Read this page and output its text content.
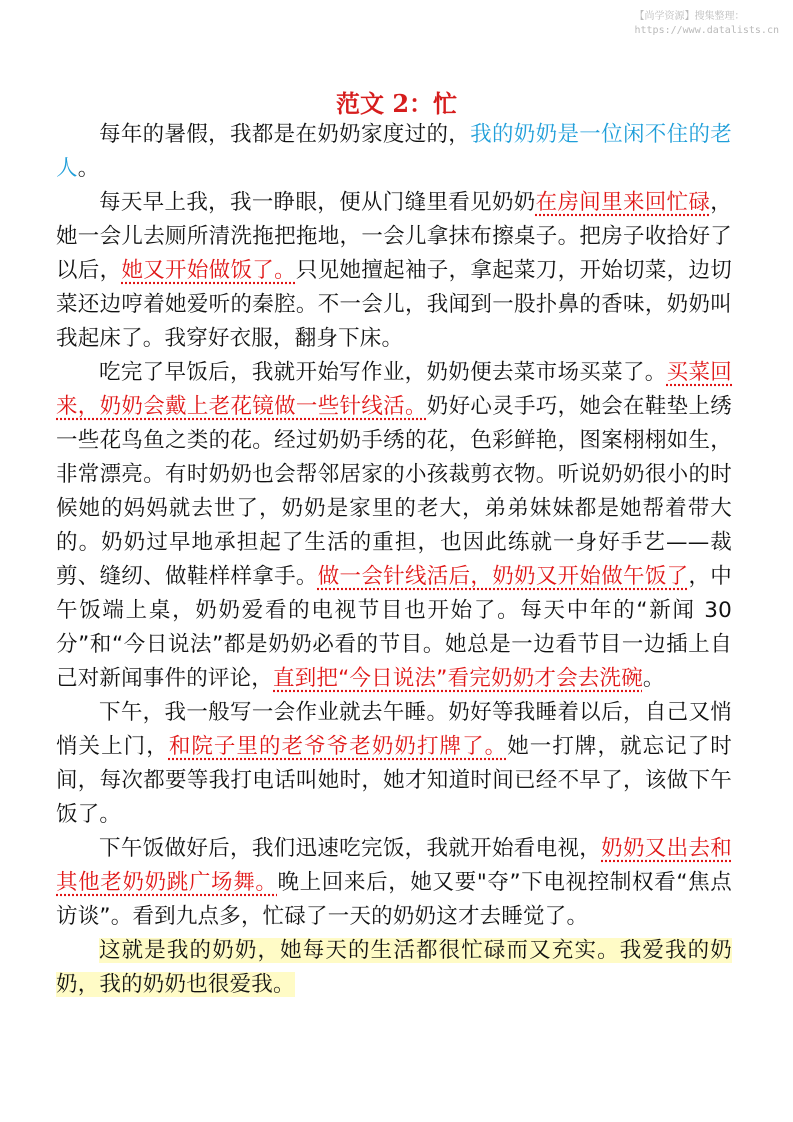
【尚学资源】搜集整理：
https://www.datalists.cn
范文 2：忙

每年的暑假，我都是在奶奶家度过的，我的奶奶是一位闲不住的老人。

每天早上我，我一睁眼，便从门缝里看见奶奶在房间里来回忙碌，她一会儿去厕所清洗拖把拖地，一会儿拿抹布擦桌子。把房子收拾好了以后，她又开始做饭了。只见她擅起袖子，拿起菜刀，开始切菜，边切菜还边哼着她爱听的秦腔。不一会儿，我闻到一股扑鼻的香味，奶奶叫我起床了。我穿好衣服，翻身下床。

吃完了早饭后，我就开始写作业，奶奶便去菜市场买菜了。买菜回来，奶奶会戴上老花镜做一些针线活。奶好心灵手巧，她会在鞋垫上绣一些花鸟鱼之类的花。经过奶奶手绣的花，色彩鲜艳，图案栩栩如生，非常漂亮。有时奶奶也会帮邻居家的小孩裁剪衣物。听说奶奶很小的时候她的妈妈就去世了，奶奶是家里的老大，弟弟妹妹都是她帮着带大的。奶奶过早地承担起了生活的重担，也因此练就一身好手艺——裁剪、缝纫、做鞋样样拿手。做一会针线活后，奶奶又开始做午饭了，中午饭端上桌，奶奶爱看的电视节目也开始了。每天中年的“新闻 30 分”和“今日说法”都是奶奶必看的节目。她总是一边看节目一边插上自己对新闻事件的评论，直到把“今日说法”看完奶奶才会去洗碗。

下午，我一般写一会作业就去午睡。奶好等我睡着以后，自己又悄悄关上门，和院子里的老爷爷老奶奶打牌了。她一打牌，就忘记了时间，每次都要等我打电话叫她时，她才知道时间已经不早了，该做下午饭了。

下午饭做好后，我们迅速吃完饭，我就开始看电视，奶奶又出去和其他老奶奶跳广场舞。晚上回来后，她又要"夺”下电视控制权看“焦点访谈”。看到九点多，忙碌了一天的奶奶这才去睡觉了。

这就是我的奶奶，她每天的生活都很忙碌而又充实。我爱我的奶奶，我的奶奶也很爱我。
